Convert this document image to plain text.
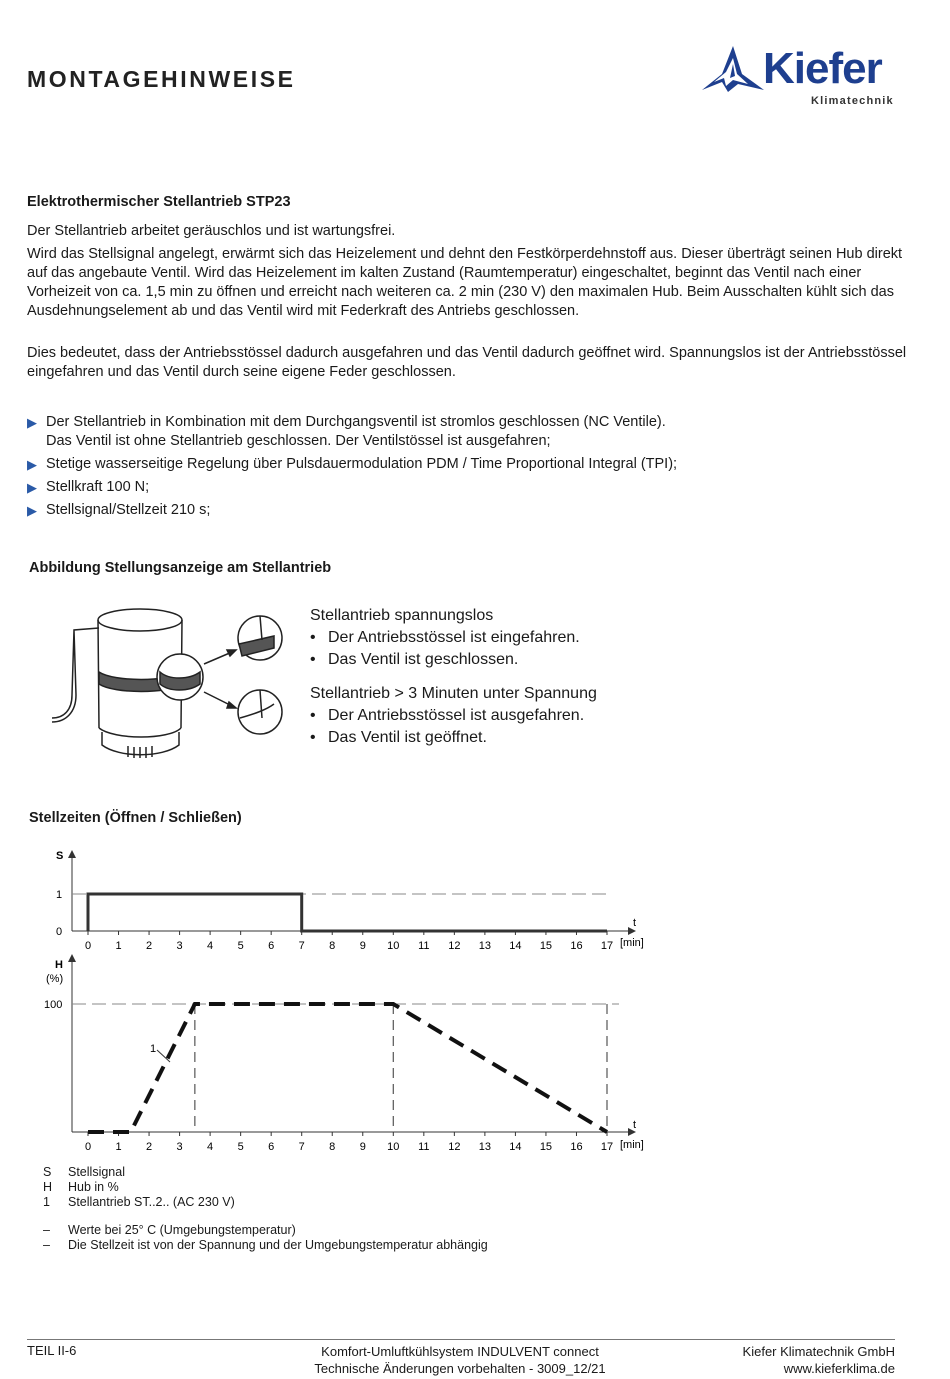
MONTAGEHINWEISE	Kiefer
Klimatechnik
Elektrothermischer Stellantrieb STP23

Der Stellantrieb arbeitet geräuschlos und ist wartungsfrei.

Wird das Stellsignal angelegt, erwärmt sich das Heizelement und dehnt den Festkörperdehnstoff aus. Dieser überträgt seinen Hub direkt auf das angebaute Ventil. Wird das Heizelement im kalten Zustand (Raumtemperatur) eingeschaltet, beginnt das Ventil nach einer Vorheizeit von ca. 1,5 min zu öffnen und erreicht nach weiteren ca. 2 min (230 V) den maximalen Hub. Beim Ausschalten kühlt sich das Ausdehnungselement ab und das Ventil wird mit Federkraft des Antriebs geschlossen.

Dies bedeutet, dass der Antriebsstössel dadurch ausgefahren und das Ventil dadurch geöffnet wird. Spannungslos ist der Antriebsstössel eingefahren und das Ventil durch seine eigene Feder geschlossen.

▶ Der Stellantrieb in Kombination mit dem Durchgangsventil ist stromlos geschlossen (NC Ventile).
Das Ventil ist ohne Stellantrieb geschlossen. Der Ventilstössel ist ausgefahren;
▶ Stetige wasserseitige Regelung über Pulsdauermodulation PDM / Time Proportional Integral (TPI);
▶ Stellkraft 100 N;
▶ Stellsignal/Stellzeit 210 s;
Abbildung Stellungsanzeige am Stellantrieb

Stellantrieb spannungslos

• Der Antriebsstössel ist eingefahren.
• Das Ventil ist geschlossen.

Stellantrieb > 3 Minuten unter Spannung

• Der Antriebsstössel ist ausgefahren.
• Das Ventil ist geöffnet.
Stellzeiten (Öffnen / Schließen)
S
t
[min]
0
1
0 1 2 3 4 5 6 7 8 9 10 11 12 13 14 15 16 17
H
(%)
t
[min]
100
0 1 2 3 4 5 6 7 8 9 10 11 12 13 14 15 16 17
1
S	Stellsignal
H	Hub in %
1	Stellantrieb ST..2.. (AC 230 V)
–	Werte bei 25° C (Umgebungstemperatur)
–	Die Stellzeit ist von der Spannung und der Umgebungstemperatur abhängig
TEIL II-6	Komfort-Umluftkühlsystem INDULVENT connect
Technische Änderungen vorbehalten - 3009_12/21
Kiefer Klimatechnik GmbH
www.kieferklima.de
